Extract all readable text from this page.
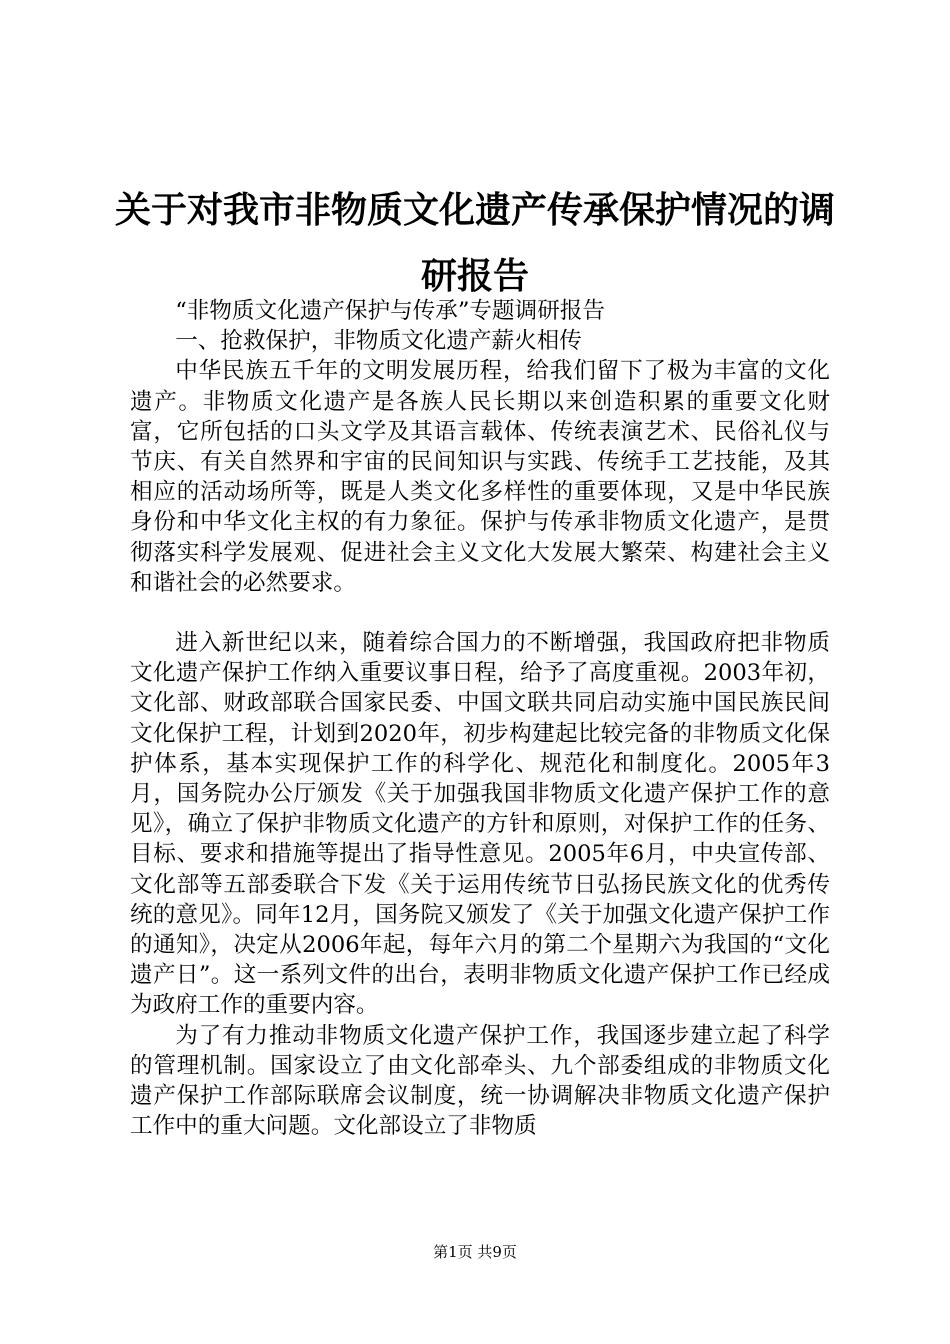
关于对我市非物质文化遗产传承保护情况的调研报告

“非物质文化遗产保护与传承”专题调研报告

一、抢救保护，非物质文化遗产薪火相传

中华民族五千年的文明发展历程，给我们留下了极为丰富的文化遗产。非物质文化遗产是各族人民长期以来创造积累的重要文化财富，它所包括的口头文学及其语言载体、传统表演艺术、民俗礼仪与节庆、有关自然界和宇宙的民间知识与实践、传统手工艺技能，及其相应的活动场所等，既是人类文化多样性的重要体现，又是中华民族身份和中华文化主权的有力象征。保护与传承非物质文化遗产，是贯彻落实科学发展观、促进社会主义文化大发展大繁荣、构建社会主义和谐社会的必然要求。

进入新世纪以来，随着综合国力的不断增强，我国政府把非物质文化遗产保护工作纳入重要议事日程，给予了高度重视。2003年初，文化部、财政部联合国家民委、中国文联共同启动实施中国民族民间文化保护工程，计划到2020年，初步构建起比较完备的非物质文化保护体系，基本实现保护工作的科学化、规范化和制度化。2005年3月，国务院办公厅颁发《关于加强我国非物质文化遗产保护工作的意见》，确立了保护非物质文化遗产的方针和原则，对保护工作的任务、目标、要求和措施等提出了指导性意见。2005年6月，中央宣传部、文化部等五部委联合下发《关于运用传统节日弘扬民族文化的优秀传统的意见》。同年12月，国务院又颁发了《关于加强文化遗产保护工作的通知》，决定从2006年起，每年六月的第二个星期六为我国的“文化遗产日”。这一系列文件的出台，表明非物质文化遗产保护工作已经成为政府工作的重要内容。

为了有力推动非物质文化遗产保护工作，我国逐步建立起了科学的管理机制。国家设立了由文化部牵头、九个部委组成的非物质文化遗产保护工作部际联席会议制度，统一协调解决非物质文化遗产保护工作中的重大问题。文化部设立了非物质

第1页 共9页
